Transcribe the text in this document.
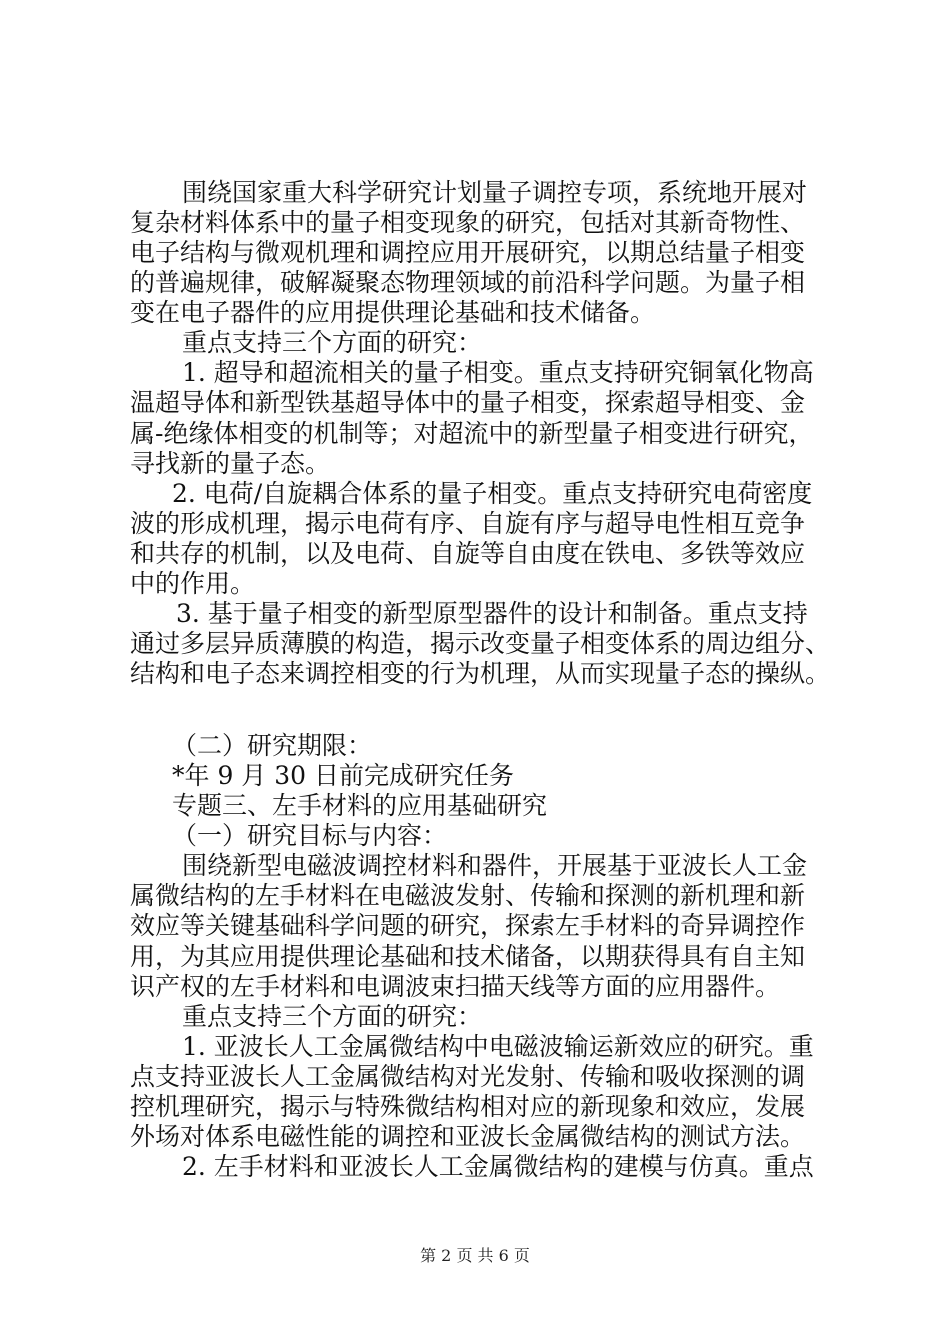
围绕国家重大科学研究计划量子调控专项，系统地开展对
复杂材料体系中的量子相变现象的研究，包括对其新奇物性、
电子结构与微观机理和调控应用开展研究，以期总结量子相变
的普遍规律，破解凝聚态物理领域的前沿科学问题。为量子相
变在电子器件的应用提供理论基础和技术储备。
重点支持三个方面的研究：
1. 超导和超流相关的量子相变。重点支持研究铜氧化物高
温超导体和新型铁基超导体中的量子相变，探索超导相变、金
属-绝缘体相变的机制等；对超流中的新型量子相变进行研究，
寻找新的量子态。
2. 电荷/自旋耦合体系的量子相变。重点支持研究电荷密度
波的形成机理，揭示电荷有序、自旋有序与超导电性相互竞争
和共存的机制，以及电荷、自旋等自由度在铁电、多铁等效应
中的作用。
3. 基于量子相变的新型原型器件的设计和制备。重点支持
通过多层异质薄膜的构造，揭示改变量子相变体系的周边组分、
结构和电子态来调控相变的行为机理，从而实现量子态的操纵。
（二）研究期限：
*年 9 月 30 日前完成研究任务
专题三、左手材料的应用基础研究
（一）研究目标与内容：
围绕新型电磁波调控材料和器件，开展基于亚波长人工金
属微结构的左手材料在电磁波发射、传输和探测的新机理和新
效应等关键基础科学问题的研究，探索左手材料的奇异调控作
用，为其应用提供理论基础和技术储备，以期获得具有自主知
识产权的左手材料和电调波束扫描天线等方面的应用器件。
重点支持三个方面的研究：
1. 亚波长人工金属微结构中电磁波输运新效应的研究。重
点支持亚波长人工金属微结构对光发射、传输和吸收探测的调
控机理研究，揭示与特殊微结构相对应的新现象和效应，发展
外场对体系电磁性能的调控和亚波长金属微结构的测试方法。
2. 左手材料和亚波长人工金属微结构的建模与仿真。重点
第 2 页 共 6 页
